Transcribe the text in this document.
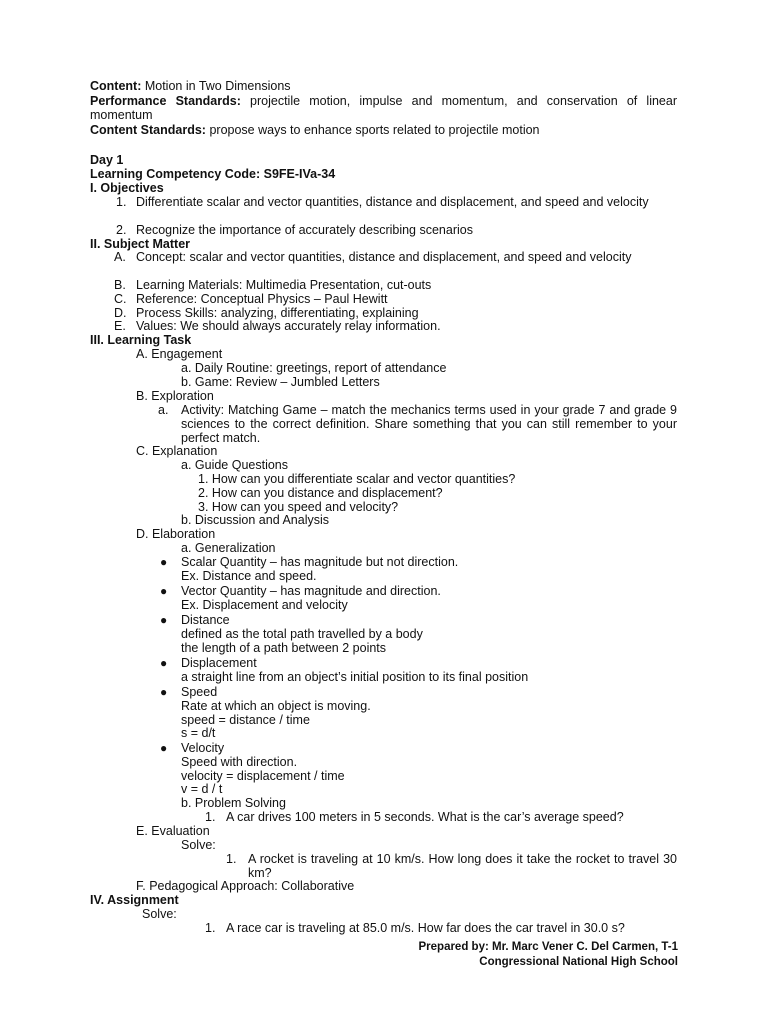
Content: Motion in Two Dimensions
Performance Standards: projectile motion, impulse and momentum, and conservation of linear momentum
Content Standards: propose ways to enhance sports related to projectile motion
Day 1
Learning Competency Code: S9FE-IVa-34
I. Objectives
1. Differentiate scalar and vector quantities, distance and displacement, and speed and velocity
2. Recognize the importance of accurately describing scenarios
II. Subject Matter
A. Concept: scalar and vector quantities, distance and displacement, and speed and velocity
B. Learning Materials: Multimedia Presentation, cut-outs
C. Reference: Conceptual Physics – Paul Hewitt
D. Process Skills: analyzing, differentiating, explaining
E. Values: We should always accurately relay information.
III. Learning Task
A. Engagement
a. Daily Routine: greetings, report of attendance
b. Game: Review – Jumbled Letters
B. Exploration
a. Activity: Matching Game – match the mechanics terms used in your grade 7 and grade 9 sciences to the correct definition. Share something that you can still remember to your perfect match.
C. Explanation
a. Guide Questions
1. How can you differentiate scalar and vector quantities?
2. How can you distance and displacement?
3. How can you speed and velocity?
b. Discussion and Analysis
D. Elaboration
a. Generalization
● Scalar Quantity – has magnitude but not direction.
Ex. Distance and speed.
● Vector Quantity – has magnitude and direction.
Ex. Displacement and velocity
● Distance
defined as the total path travelled by a body
the length of a path between 2 points
● Displacement
a straight line from an object’s initial position to its final position
● Speed
Rate at which an object is moving.
speed = distance / time
s = d/t
● Velocity
Speed with direction.
velocity = displacement / time
v = d / t
b. Problem Solving
1. A car drives 100 meters in 5 seconds. What is the car’s average speed?
E. Evaluation
Solve:
1. A rocket is traveling at 10 km/s. How long does it take the rocket to travel 30 km?
F. Pedagogical Approach: Collaborative
IV. Assignment
Solve:
1. A race car is traveling at 85.0 m/s. How far does the car travel in 30.0 s?
Prepared by: Mr. Marc Vener C. Del Carmen, T-1
Congressional National High School
